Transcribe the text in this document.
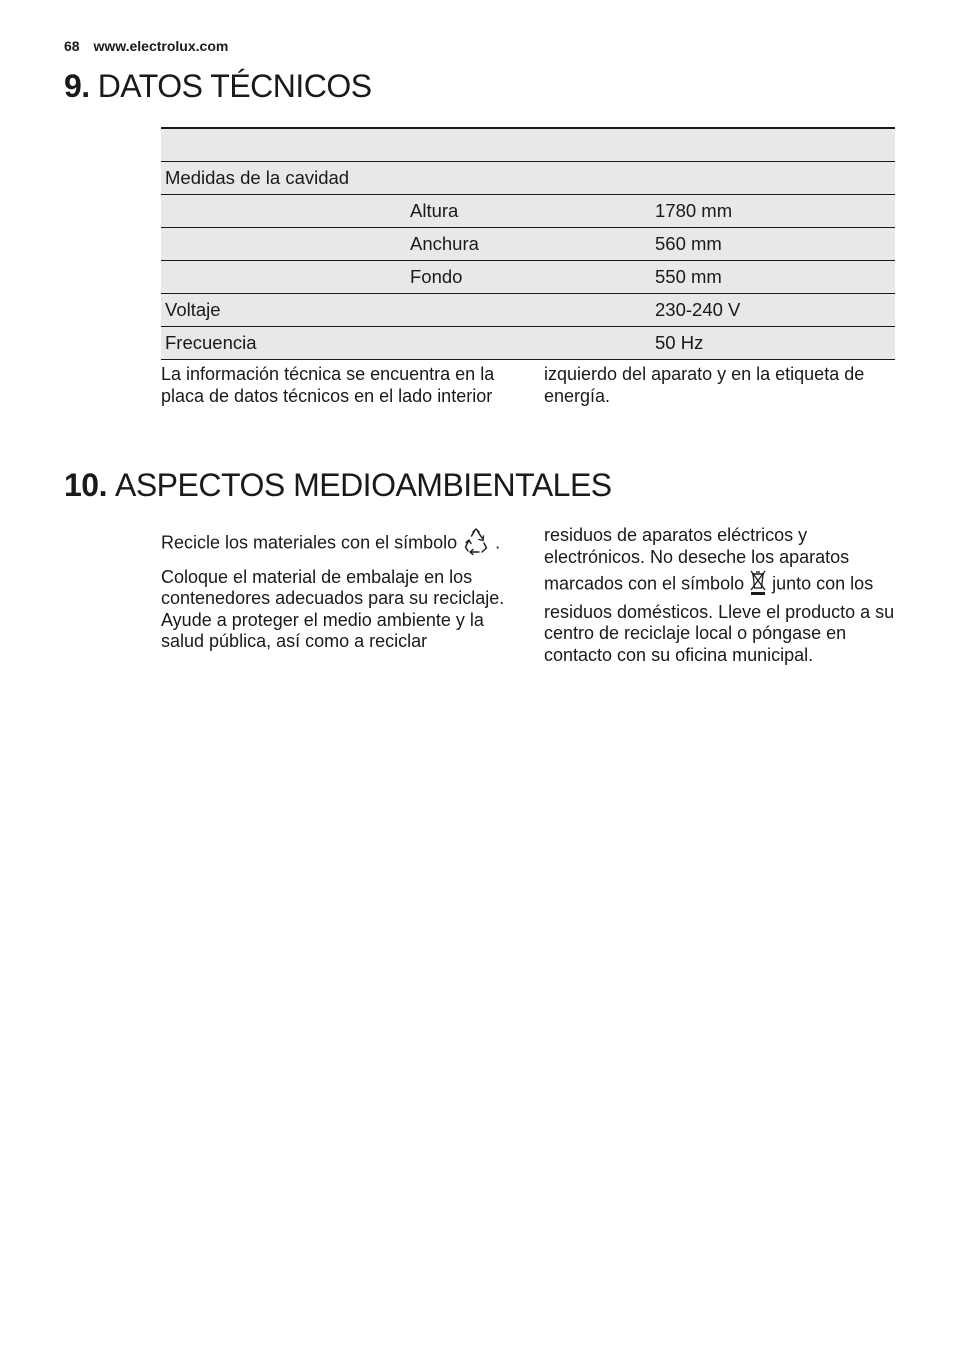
68 www.electrolux.com
9. DATOS TÉCNICOS

Medidas de la cavidad		
	Altura	1780 mm
	Anchura	560 mm
	Fondo	550 mm
Voltaje		230-240 V
Frecuencia		50 Hz

La información técnica se encuentra en la placa de datos técnicos en el lado interior

izquierdo del aparato y en la etiqueta de energía.

10. ASPECTOS MEDIOAMBIENTALES

Recicle los materiales con el símbolo .

Coloque el material de embalaje en los contenedores adecuados para su reciclaje.

Ayude a proteger el medio ambiente y la salud pública, así como a reciclar

residuos de aparatos eléctricos y electrónicos. No deseche los aparatos marcados con el símbolo junto con los residuos domésticos. Lleve el producto a su centro de reciclaje local o póngase en contacto con su oficina municipal.
